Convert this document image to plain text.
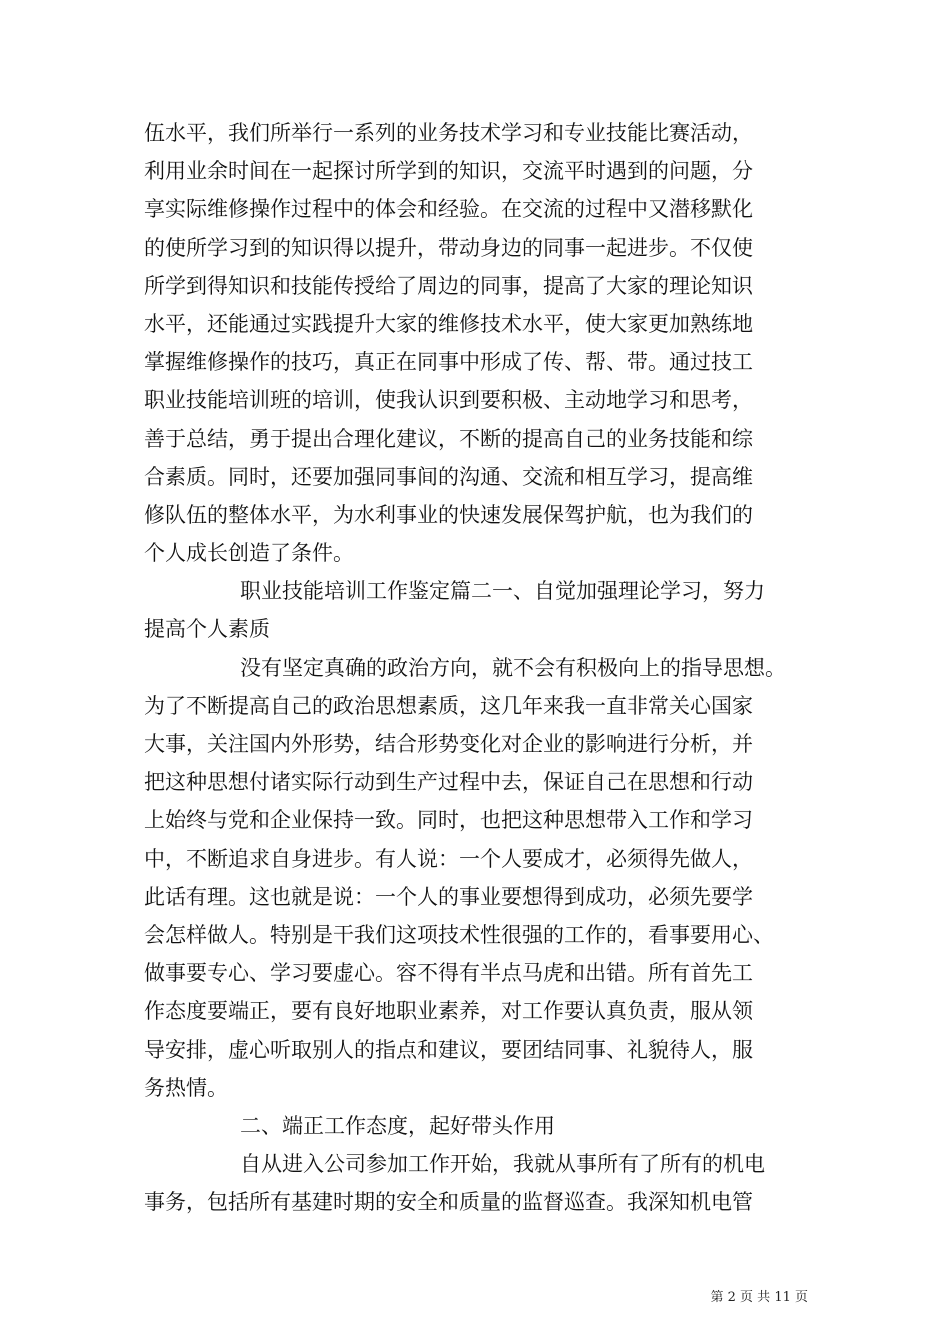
伍水平，我们所举行一系列的业务技术学习和专业技能比赛活动，
利用业余时间在一起探讨所学到的知识，交流平时遇到的问题，分
享实际维修操作过程中的体会和经验。在交流的过程中又潜移默化
的使所学习到的知识得以提升，带动身边的同事一起进步。不仅使
所学到得知识和技能传授给了周边的同事，提高了大家的理论知识
水平，还能通过实践提升大家的维修技术水平，使大家更加熟练地
掌握维修操作的技巧，真正在同事中形成了传、帮、带。通过技工
职业技能培训班的培训，使我认识到要积极、主动地学习和思考，
善于总结，勇于提出合理化建议，不断的提高自己的业务技能和综
合素质。同时，还要加强同事间的沟通、交流和相互学习，提高维
修队伍的整体水平，为水利事业的快速发展保驾护航，也为我们的
个人成长创造了条件。
职业技能培训工作鉴定篇二一、自觉加强理论学习，努力
提高个人素质
没有坚定真确的政治方向，就不会有积极向上的指导思想。
为了不断提高自己的政治思想素质，这几年来我一直非常关心国家
大事，关注国内外形势，结合形势变化对企业的影响进行分析，并
把这种思想付诸实际行动到生产过程中去，保证自己在思想和行动
上始终与党和企业保持一致。同时，也把这种思想带入工作和学习
中，不断追求自身进步。有人说：一个人要成才，必须得先做人，
此话有理。这也就是说：一个人的事业要想得到成功，必须先要学
会怎样做人。特别是干我们这项技术性很强的工作的，看事要用心、
做事要专心、学习要虚心。容不得有半点马虎和出错。所有首先工
作态度要端正，要有良好地职业素养，对工作要认真负责，服从领
导安排，虚心听取别人的指点和建议，要团结同事、礼貌待人，服
务热情。
二、端正工作态度，起好带头作用
自从进入公司参加工作开始，我就从事所有了所有的机电
事务，包括所有基建时期的安全和质量的监督巡查。我深知机电管
第 2 页 共 11 页
